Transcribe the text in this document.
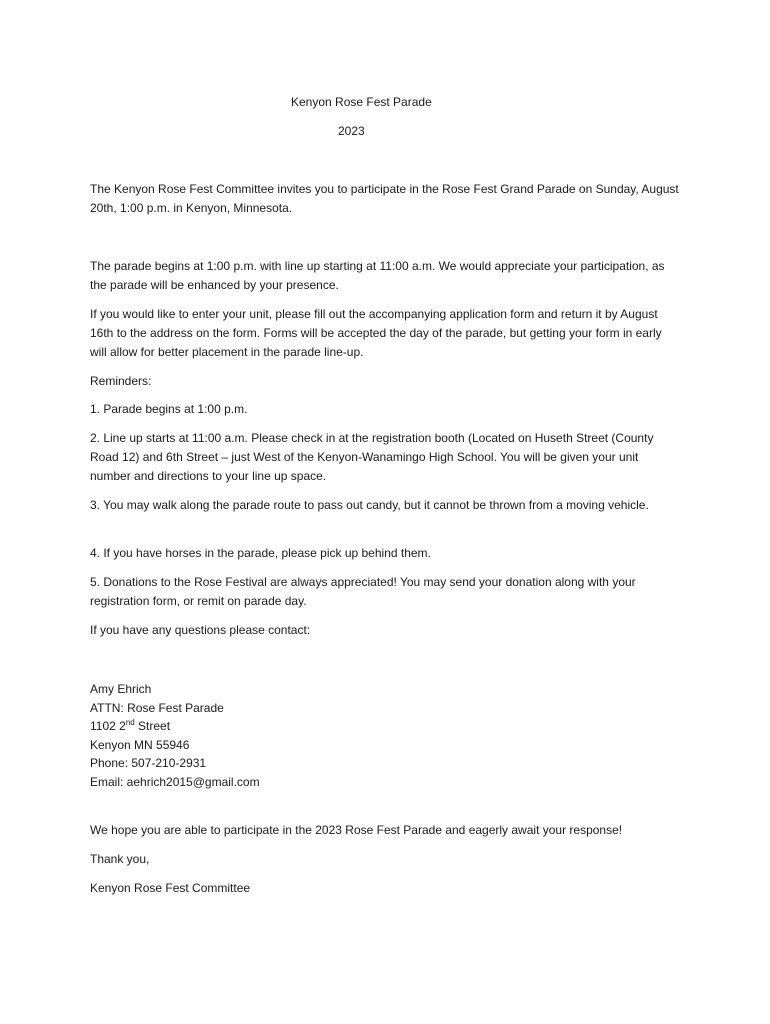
Kenyon Rose Fest Parade
2023
The Kenyon Rose Fest Committee invites you to participate in the Rose Fest Grand Parade on Sunday, August 20th, 1:00 p.m. in Kenyon, Minnesota.
The parade begins at 1:00 p.m. with line up starting at 11:00 a.m. We would appreciate your participation, as the parade will be enhanced by your presence.
If you would like to enter your unit, please fill out the accompanying application form and return it by August 16th to the address on the form. Forms will be accepted the day of the parade, but getting your form in early will allow for better placement in the parade line-up.
Reminders:
1. Parade begins at 1:00 p.m.
2. Line up starts at 11:00 a.m. Please check in at the registration booth (Located on Huseth Street (County Road 12) and 6th Street – just West of the Kenyon-Wanamingo High School. You will be given your unit number and directions to your line up space.
3. You may walk along the parade route to pass out candy, but it cannot be thrown from a moving vehicle.
4. If you have horses in the parade, please pick up behind them.
5. Donations to the Rose Festival are always appreciated! You may send your donation along with your registration form, or remit on parade day.
If you have any questions please contact:
Amy Ehrich
ATTN: Rose Fest Parade
1102 2nd Street
Kenyon MN 55946
Phone: 507-210-2931
Email: aehrich2015@gmail.com
We hope you are able to participate in the 2023 Rose Fest Parade and eagerly await your response!
Thank you,
Kenyon Rose Fest Committee
